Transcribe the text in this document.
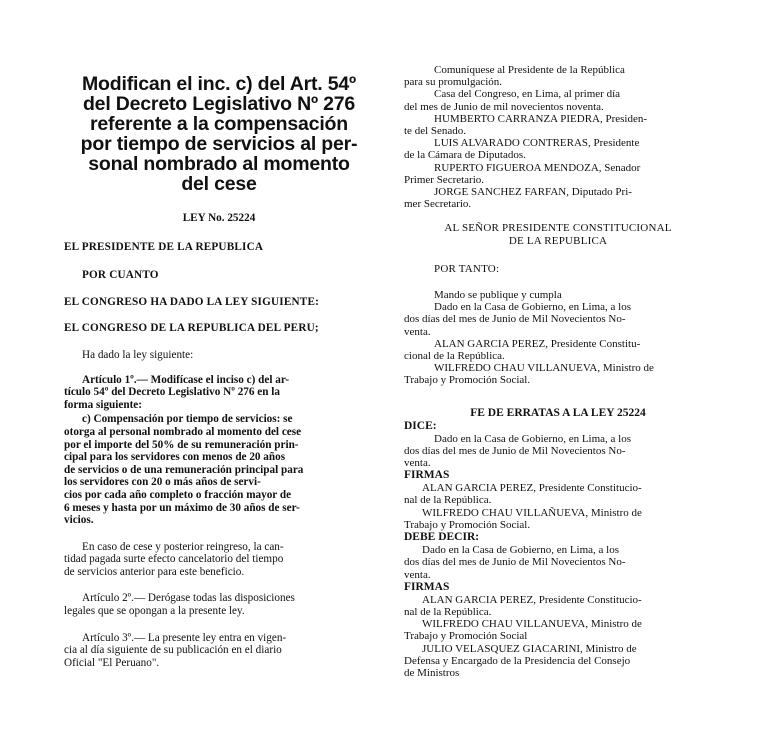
Modifican el inc. c) del Art. 54º
del Decreto Legislativo Nº 276
referente a la compensación
por tiempo de servicios al per-
sonal nombrado al momento
del cese

LEY No. 25224

EL PRESIDENTE DE LA REPUBLICA

POR CUANTO

EL CONGRESO HA DADO LA LEY SIGUIENTE:

EL CONGRESO DE LA REPUBLICA DEL PERU;

Ha dado la ley siguiente:

Artículo 1º.— Modifícase el inciso c) del ar-

tículo 54º del Decreto Legislativo Nº 276 en la

forma siguiente:

c) Compensación por tiempo de servicios: se

otorga al personal nombrado al momento del cese

por el importe del 50% de su remuneración prin-

cipal para los servidores con menos de 20 años

de servicios o de una remuneración principal para

los servidores con 20 o más años de servi-

cios por cada año completo o fracción mayor de

6 meses y hasta por un máximo de 30 años de ser-

vicios.

En caso de cese y posterior reingreso, la can-

tidad pagada surte efecto cancelatorio del tiempo

de servicios anterior para este beneficio.

Artículo 2º.— Derógase todas las disposiciones

legales que se opongan a la presente ley.

Artículo 3º.— La presente ley entra en vigen-

cia al día siguiente de su publicación en el diario

Oficial "El Peruano".

Comuníquese al Presidente de la República

para su promulgación.

Casa del Congreso, en Lima, al primer día

del mes de Junio de mil novecientos noventa.

HUMBERTO CARRANZA PIEDRA, Presiden-

te del Senado.

LUIS ALVARADO CONTRERAS, Presidente

de la Cámara de Diputados.

RUPERTO FIGUEROA MENDOZA, Senador

Primer Secretario.

JORGE SANCHEZ FARFAN, Diputado Pri-

mer Secretario.

AL SEÑOR PRESIDENTE CONSTITUCIONAL

DE LA REPUBLICA

POR TANTO:

Mando se publique y cumpla

Dado en la Casa de Gobierno, en Lima, a los

dos días del mes de Junio de Mil Novecientos No-

venta.

ALAN GARCIA PEREZ, Presidente Constitu-

cional de la República.

WILFREDO CHAU VILLANUEVA, Ministro de

Trabajo y Promoción Social.

FE DE ERRATAS A LA LEY 25224

DICE:

Dado en la Casa de Gobierno, en Lima, a los

dos días del mes de Junio de Mil Novecientos No-

venta.

FIRMAS

ALAN GARCIA PEREZ, Presidente Constitucio-

nal de la República.

WILFREDO CHAU VILLAÑUEVA, Ministro de

Trabajo y Promoción Social.

DEBE DECIR:

Dado en la Casa de Gobierno, en Lima, a los

dos días del mes de Junio de Mil Novecientos No-

venta.

FIRMAS

ALAN GARCIA PEREZ, Presidente Constitucio-

nal de la República.

WILFREDO CHAU VILLANUEVA, Ministro de

Trabajo y Promoción Social

JULIO VELASQUEZ GIACARINI, Ministro de

Defensa y Encargado de la Presidencia del Consejo

de Ministros
